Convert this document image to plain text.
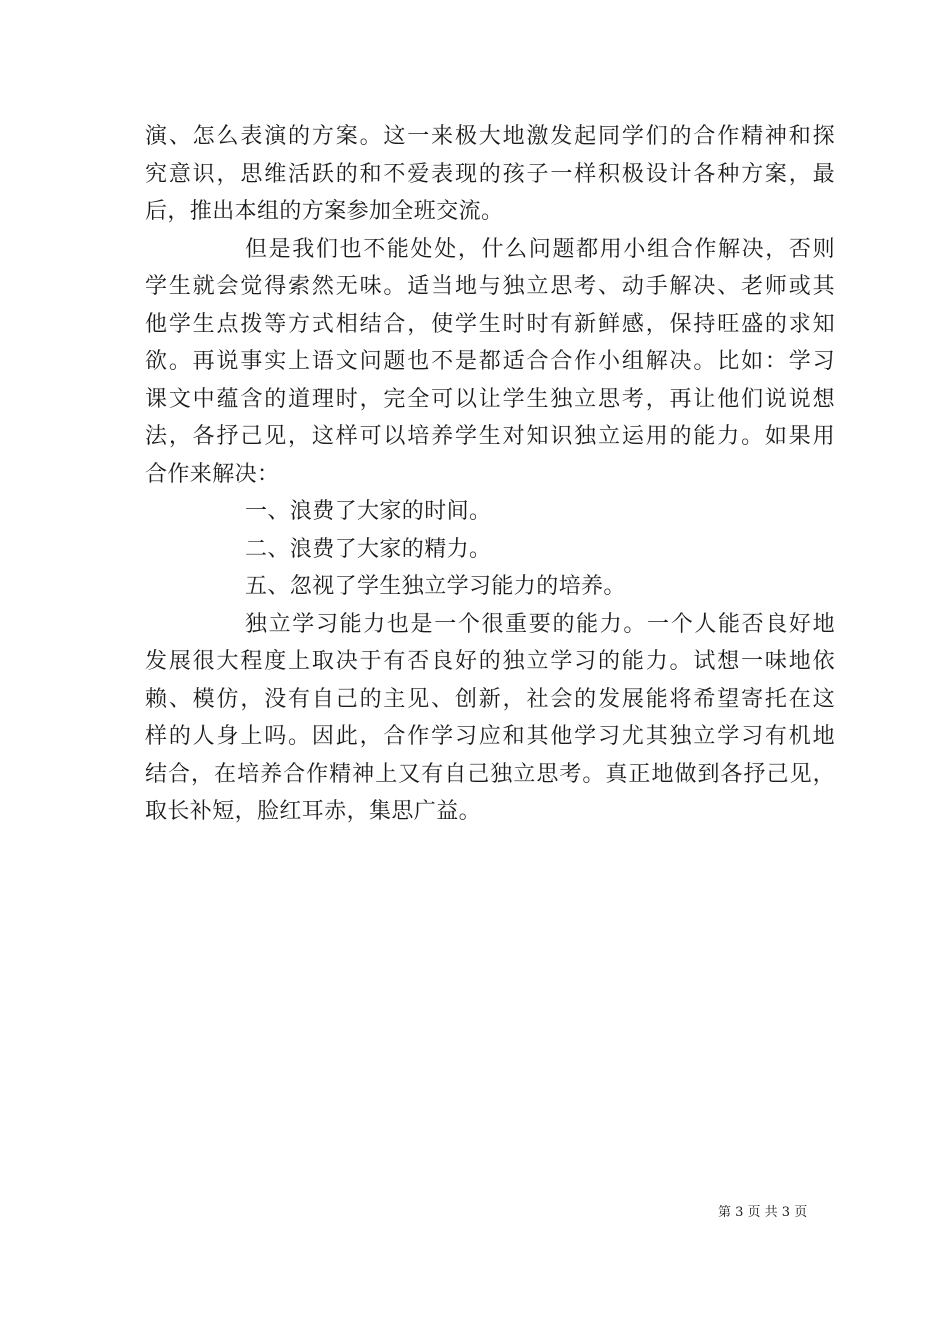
演、怎么表演的方案。这一来极大地激发起同学们的合作精神和探
究意识，思维活跃的和不爱表现的孩子一样积极设计各种方案，最
后，推出本组的方案参加全班交流。
但是我们也不能处处，什么问题都用小组合作解决，否则
学生就会觉得索然无味。适当地与独立思考、动手解决、老师或其
他学生点拨等方式相结合，使学生时时有新鲜感，保持旺盛的求知
欲。再说事实上语文问题也不是都适合合作小组解决。比如：学习
课文中蕴含的道理时，完全可以让学生独立思考，再让他们说说想
法，各抒己见，这样可以培养学生对知识独立运用的能力。如果用
合作来解决：
一、浪费了大家的时间。
二、浪费了大家的精力。
五、忽视了学生独立学习能力的培养。
独立学习能力也是一个很重要的能力。一个人能否良好地
发展很大程度上取决于有否良好的独立学习的能力。试想一味地依
赖、模仿，没有自己的主见、创新，社会的发展能将希望寄托在这
样的人身上吗。因此，合作学习应和其他学习尤其独立学习有机地
结合，在培养合作精神上又有自己独立思考。真正地做到各抒己见，
取长补短，脸红耳赤，集思广益。
第 3 页 共 3 页
